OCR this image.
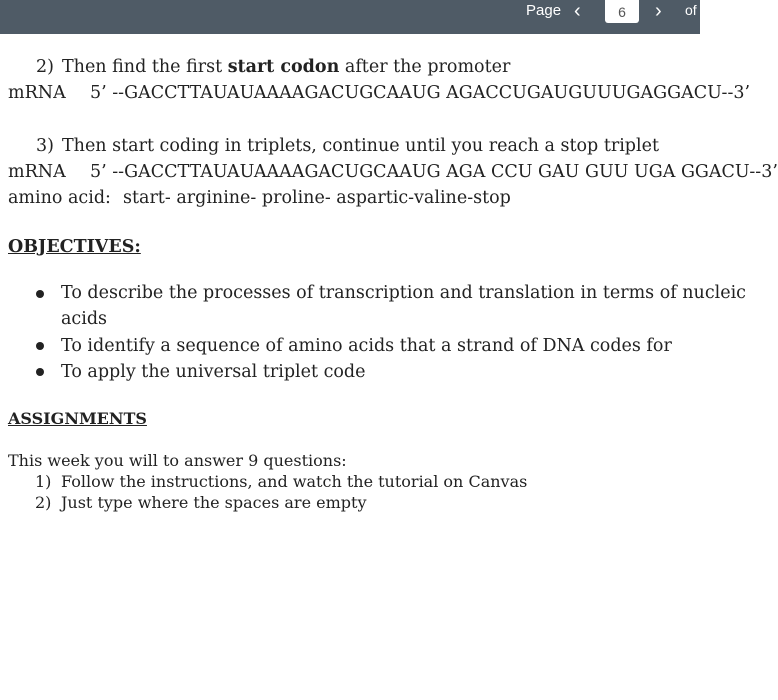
Page ‹
6	› of
2) Then find the first start codon after the promoter
mRNA 5’ --GACCTTAUAUAAAAGACUGCAAUG AGACCUGAUGUUUGAGGACU--3’
3) Then start coding in triplets, continue until you reach a stop triplet
mRNA 5’ --GACCTTAUAUAAAAGACUGCAAUG AGA CCU GAU GUU UGA GGACU--3’
amino acid: start- arginine- proline- aspartic-valine-stop
OBJECTIVES:
To describe the processes of transcription and translation in terms of nucleic
acids
To identify a sequence of amino acids that a strand of DNA codes for
To apply the universal triplet code
ASSIGNMENTS
This week you will to answer 9 questions:
1) Follow the instructions, and watch the tutorial on Canvas
2) Just type where the spaces are empty
